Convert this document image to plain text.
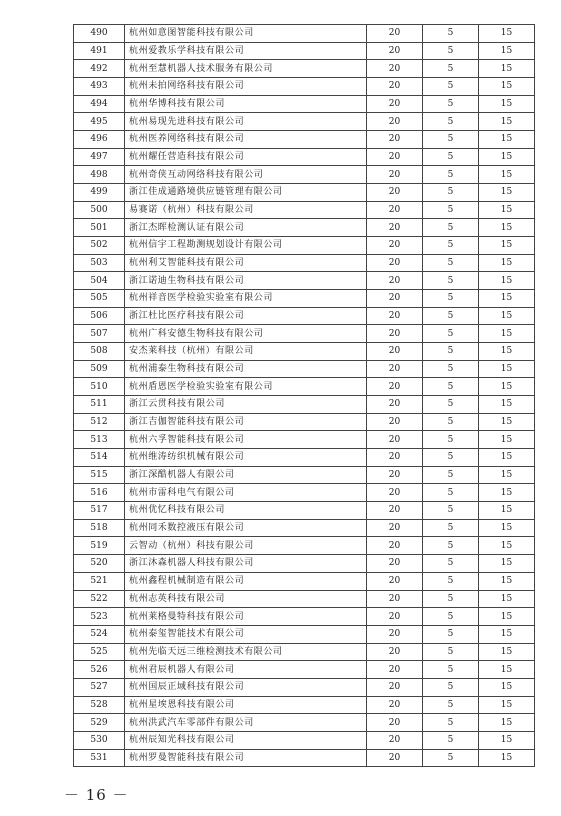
490	杭州如意图智能科技有限公司	20	5	15
491	杭州爱教乐学科技有限公司	20	5	15
492	杭州至慧机器人技术服务有限公司	20	5	15
493	杭州未拍网络科技有限公司	20	5	15
494	杭州华博科技有限公司	20	5	15
495	杭州易现先进科技有限公司	20	5	15
496	杭州医养网络科技有限公司	20	5	15
497	杭州耀任营造科技有限公司	20	5	15
498	杭州奇侠互动网络科技有限公司	20	5	15
499	浙江佳成通路境供应链管理有限公司	20	5	15
500	易赛诺（杭州）科技有限公司	20	5	15
501	浙江杰晖检测认证有限公司	20	5	15
502	杭州信宇工程勘测规划设计有限公司	20	5	15
503	杭州利艾智能科技有限公司	20	5	15
504	浙江诺迪生物科技有限公司	20	5	15
505	杭州祥音医学检验实验室有限公司	20	5	15
506	浙江杜比医疗科技有限公司	20	5	15
507	杭州广科安德生物科技有限公司	20	5	15
508	安杰莱科技（杭州）有限公司	20	5	15
509	杭州浦泰生物科技有限公司	20	5	15
510	杭州盾恩医学检验实验室有限公司	20	5	15
511	浙江云贯科技有限公司	20	5	15
512	浙江吉伽智能科技有限公司	20	5	15
513	杭州六孚智能科技有限公司	20	5	15
514	杭州维涛纺织机械有限公司	20	5	15
515	浙江深酷机器人有限公司	20	5	15
516	杭州市雷科电气有限公司	20	5	15
517	杭州优忆科技有限公司	20	5	15
518	杭州同禾数控液压有限公司	20	5	15
519	云智动（杭州）科技有限公司	20	5	15
520	浙江沐森机器人科技有限公司	20	5	15
521	杭州鑫程机械制造有限公司	20	5	15
522	杭州志英科技有限公司	20	5	15
523	杭州莱格曼特科技有限公司	20	5	15
524	杭州泰玺智能技术有限公司	20	5	15
525	杭州先临天远三维检测技术有限公司	20	5	15
526	杭州君辰机器人有限公司	20	5	15
527	杭州国辰正域科技有限公司	20	5	15
528	杭州星埃恩科技有限公司	20	5	15
529	杭州洪武汽车零部件有限公司	20	5	15
530	杭州辰知光科技有限公司	20	5	15
531	杭州罗曼智能科技有限公司	20	5	15
－ 16 －
